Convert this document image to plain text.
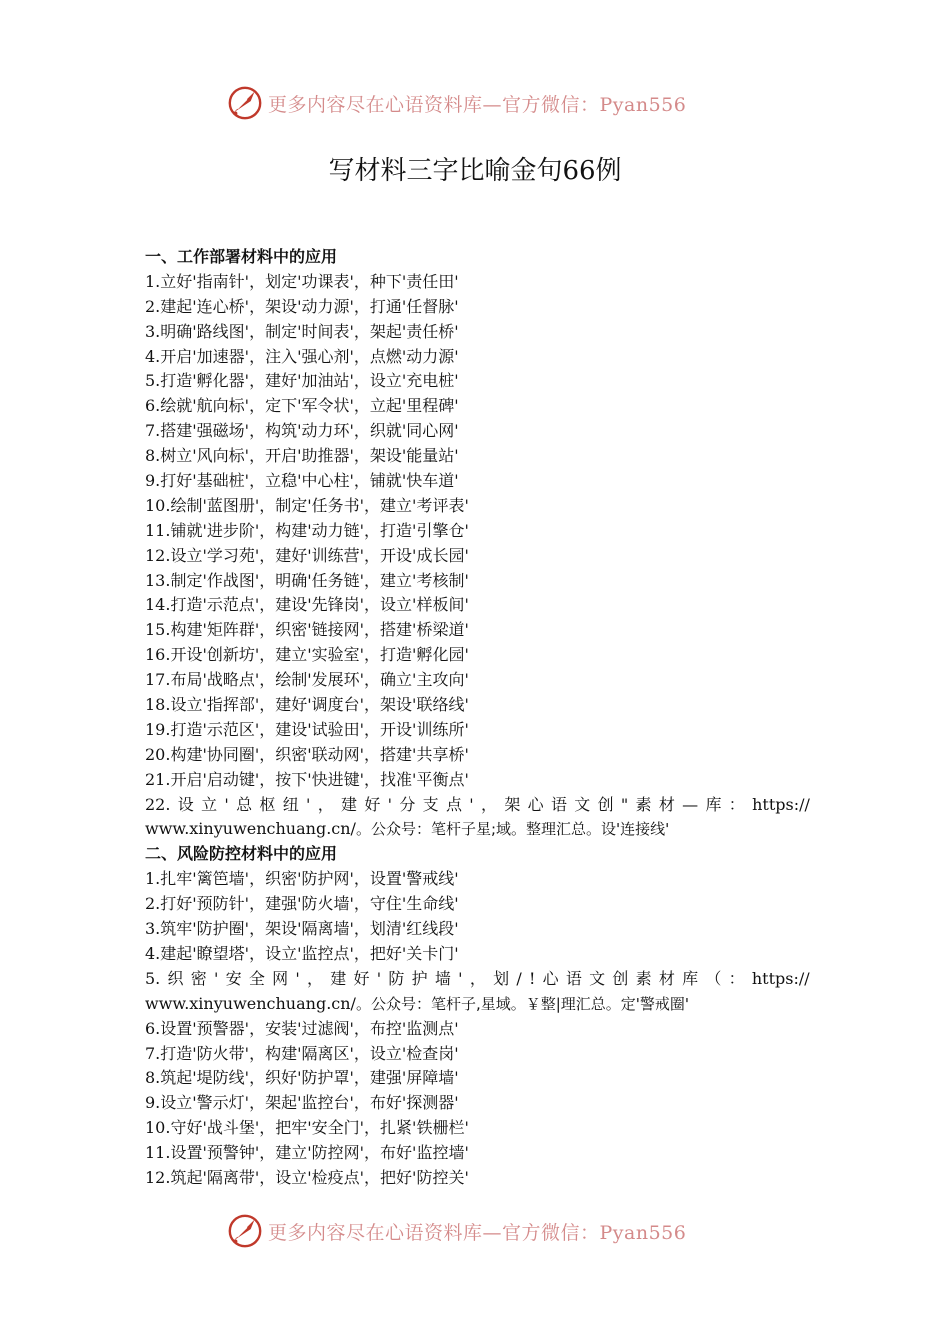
更多内容尽在心语资料库—官方微信：Pyan556
写材料三字比喻金句66例
一、工作部署材料中的应用
1.立好'指南针'，划定'功课表'，种下'责任田'
2.建起'连心桥'，架设'动力源'，打通'任督脉'
3.明确'路线图'，制定'时间表'，架起'责任桥'
4.开启'加速器'，注入'强心剂'，点燃'动力源'
5.打造'孵化器'，建好'加油站'，设立'充电桩'
6.绘就'航向标'，定下'军令状'，立起'里程碑'
7.搭建'强磁场'，构筑'动力环'，织就'同心网'
8.树立'风向标'，开启'助推器'，架设'能量站'
9.打好'基础桩'，立稳'中心柱'，铺就'快车道'
10.绘制'蓝图册'，制定'任务书'，建立'考评表'
11.铺就'进步阶'，构建'动力链'，打造'引擎仓'
12.设立'学习苑'，建好'训练营'，开设'成长园'
13.制定'作战图'，明确'任务链'，建立'考核制'
14.打造'示范点'，建设'先锋岗'，设立'样板间'
15.构建'矩阵群'，织密'链接网'，搭建'桥梁道'
16.开设'创新坊'，建立'实验室'，打造'孵化园'
17.布局'战略点'，绘制'发展环'，确立'主攻向'
18.设立'指挥部'，建好'调度台'，架设'联络线'
19.打造'示范区'，建设'试验田'，开设'训练所'
20.构建'协同圈'，织密'联动网'，搭建'共享桥'
21.开启'启动键'，按下'快进键'，找准'平衡点'
22. 设 立 ' 总 枢 纽 ' ， 建 好 ' 分 支 点 ' ， 架 心 语 文 创 " 素 材 — 库 ： https://
www.xinyuwenchuang.cn/。公众号：笔杆子星;域。整理汇总。设'连接线'
二、风险防控材料中的应用
1.扎牢'篱笆墙'，织密'防护网'，设置'警戒线'
2.打好'预防针'，建强'防火墙'，守住'生命线'
3.筑牢'防护圈'，架设'隔离墙'，划清'红线段'
4.建起'瞭望塔'，设立'监控点'，把好'关卡门'
5. 织 密 ' 安 全 网 ' ， 建 好 ' 防 护 墙 ' ， 划 / ! 心 语 文 创 素 材 库 （ ： https://
www.xinyuwenchuang.cn/。公众号：笔杆子,星域。￥整|理汇总。定'警戒圈'
6.设置'预警器'，安装'过滤阀'，布控'监测点'
7.打造'防火带'，构建'隔离区'，设立'检查岗'
8.筑起'堤防线'，织好'防护罩'，建强'屏障墙'
9.设立'警示灯'，架起'监控台'，布好'探测器'
10.守好'战斗堡'，把牢'安全门'，扎紧'铁栅栏'
11.设置'预警钟'，建立'防控网'，布好'监控墙'
12.筑起'隔离带'，设立'检疫点'，把好'防控关'
更多内容尽在心语资料库—官方微信：Pyan556
